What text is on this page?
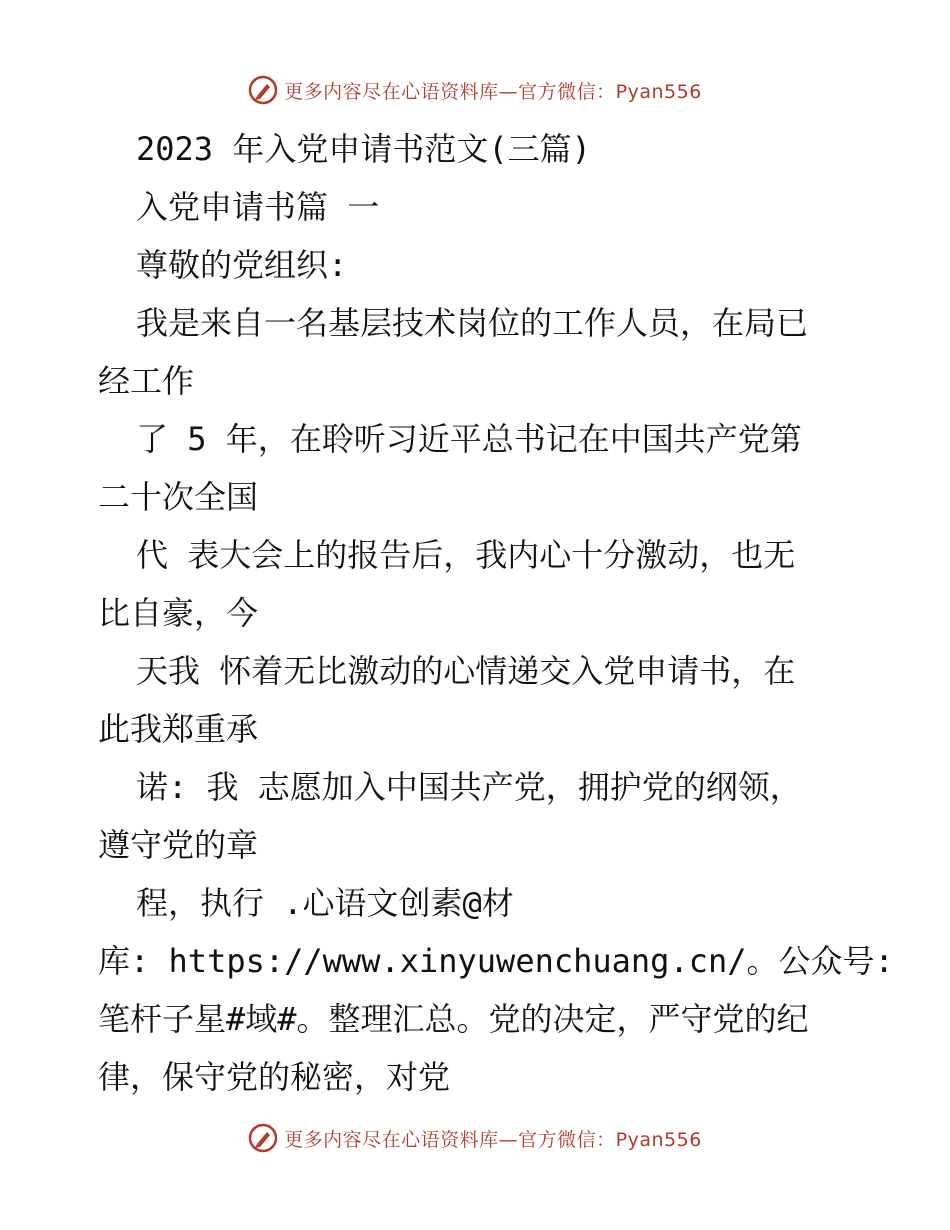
更多内容尽在心语资料库—官方微信：Pyan556
2023 年入党申请书范文(三篇)
入党申请书篇 一
尊敬的党组织:
我是来自一名基层技术岗位的工作人员，在局已
经工作
了 5 年，在聆听习近平总书记在中国共产党第
二十次全国
代 表大会上的报告后，我内心十分激动，也无
比自豪，今
天我 怀着无比激动的心情递交入党申请书，在
此我郑重承
诺: 我 志愿加入中国共产党，拥护党的纲领，
遵守党的章
程，执行 .心语文创素@材
库: https://www.xinyuwenchuang.cn/。公众号:
笔杆子星#域#。整理汇总。党的决定，严守党的纪
律，保守党的秘密，对党
更多内容尽在心语资料库—官方微信：Pyan556
